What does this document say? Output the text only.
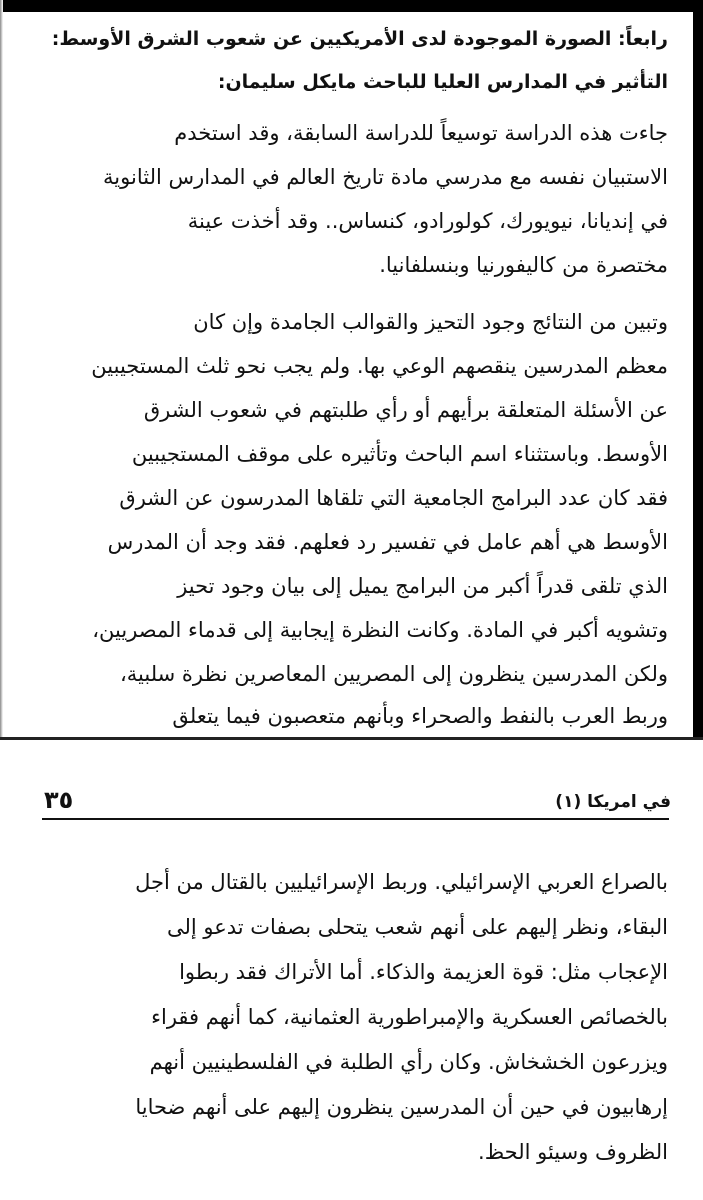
رابعاً: الصورة الموجودة لدى الأمريكيين عن شعوب الشرق الأوسط:
التأثير في المدارس العليا للباحث مايكل سليمان:
جاءت هذه الدراسة توسيعاً للدراسة السابقة، وقد استخدم
الاستبيان نفسه مع مدرسي مادة تاريخ العالم في المدارس الثانوية
في إنديانا، نيويورك، كولورادو، كنساس.. وقد أخذت عينة
مختصرة من كاليفورنيا وبنسلفانيا.
وتبين من النتائج وجود التحيز والقوالب الجامدة وإن كان
معظم المدرسين ينقصهم الوعي بها. ولم يجب نحو ثلث المستجيبين
عن الأسئلة المتعلقة برأيهم أو رأي طلبتهم في شعوب الشرق
الأوسط. وباستثناء اسم الباحث وتأثيره على موقف المستجيبين
فقد كان عدد البرامج الجامعية التي تلقاها المدرسون عن الشرق
الأوسط هي أهم عامل في تفسير رد فعلهم. فقد وجد أن المدرس
الذي تلقى قدراً أكبر من البرامج يميل إلى بيان وجود تحيز
وتشويه أكبر في المادة. وكانت النظرة إيجابية إلى قدماء المصريين،
ولكن المدرسين ينظرون إلى المصريين المعاصرين نظرة سلبية،
وربط العرب بالنفط والصحراء وبأنهم متعصبون فيما يتعلق
في امريكا (١)
٣٥
بالصراع العربي الإسرائيلي. وربط الإسرائيليين بالقتال من أجل
البقاء، ونظر إليهم على أنهم شعب يتحلى بصفات تدعو إلى
الإعجاب مثل: قوة العزيمة والذكاء. أما الأتراك فقد ربطوا
بالخصائص العسكرية والإمبراطورية العثمانية، كما أنهم فقراء
ويزرعون الخشخاش. وكان رأي الطلبة في الفلسطينيين أنهم
إرهابيون في حين أن المدرسين ينظرون إليهم على أنهم ضحايا
الظروف وسيئو الحظ.
